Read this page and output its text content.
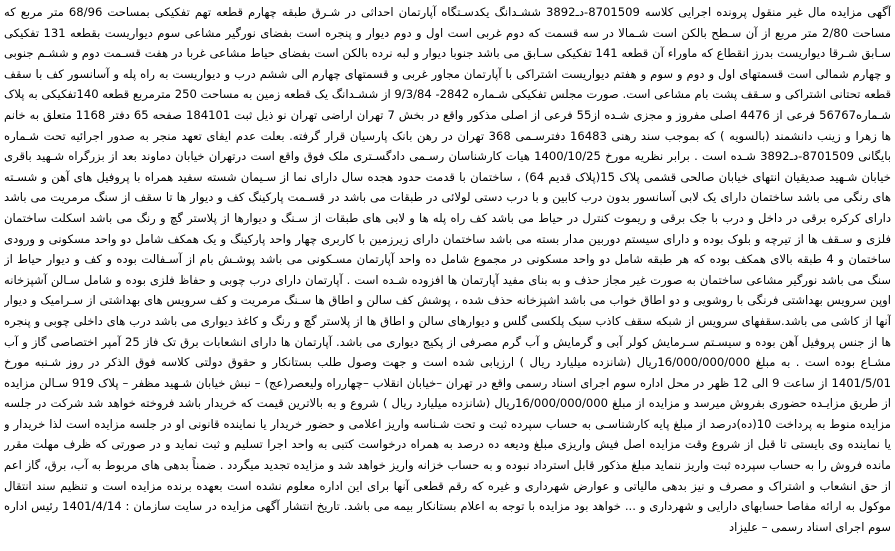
آگهی مزایده مال غیر منقول پرونده اجرایی کلاسه 8701509-دـ3892 ششـدانگ یکدسـتگاه آپارتمان احداثی در شـرق طبقه چهارم قطعه تهم تفکیکی بمساحت 68/96 متر مربع که مساحت 2/80 متر مربع از آن سـطح بالکن است شـمالا در سه قسمت که دوم غربی است اول و دوم دیوار و پنجره است بفضای نورگیر مشاعی سوم دیواریست بقطعه 131 تفکیکی سـابق شـرقا دیواریست بدرز انقطاع که ماوراء آن قطعه 141 تفکیکی سـابق می باشد جنوبا دیوار و لبه نرده بالکن است بفضای حیاط مشاعی غربا در هفت قسـمت دوم و ششـم جنوبی و چهارم شمالی است قسمتهای اول و دوم و سوم و هفتم دیواریست اشتراکی با آپارتمان مجاور غربی و قسمتهای چهارم الی ششم درب و دیواریست به راه پله و آسانسور کف با سقف قطعه تحتانی اشتراکی و سـقف پشت بام مشاعی است. صورت مجلس تفکیکی شـماره 2842- 9/3/84 از ششـدانگ یک قطعه زمین به مساحت 250 مترمربع قطعه 140تفکیکی به پلاک شـماره56767 فرعی از 4476 اصلی مفروز و مجزی شـده از55 فرعی از اصلی مذکور واقع در بخش 7 تهران اراضی تهران نو ذیل ثبت 184101 صفحه 65 دفتر 1168 متعلق به خانم ها زهرا و زینب دانشمند (بالسویه ) که بموجب سند رهنی 16483 دفترسـمی 368 تهران در رهن بانک پارسیان قرار گرفته. بعلت عدم ایفای تعهد منجر به صدور اجرائیه تحت شـماره بایگانی 8701509-دـ3892 شـده است . برابر نظریه مورخ 1400/10/25 هیات کارشناسان رسـمی دادگسـتری ملک فوق واقع است درتهران خیابان دماوند بعد از بزرگراه شـهید باقری خیابان شـهید صدیقیان انتهای خیابان صالحی قشمی پلاک 15(پلاک قدیم 64) ، ساختمان با قدمت حدود هجده سال دارای نما از سـیمان شسته سفید همراه با پروفیل های آهن و شسـته های رنگی می باشد ساختمان دارای یک لابی آسانسور بدون درب کابین و با درب دستی لولائی در طبقات می باشد در قسـمت پارکینگ کف و دیوار ها تا سقف از سنگ مرمریت می باشد دارای کرکره برقی در داخل و درب با جک برقی و ریموت کنترل در حیاط می باشد کف راه پله ها و لابی های طبقات از سـنگ و دیوارها از پلاستر گچ و رنگ می باشد اسکلت ساختمان فلزی و سـقف ها از تیرچه و بلوک بوده و دارای سیستم دوربین مدار بسته می باشد ساختمان دارای زیرزمین با کاربری چهار واحد پارکینگ و یک همکف شامل دو واحد مسکونی و ورودی ساختمان و 4 طبقه بالای همکف بوده که هر طبقه شامل دو واحد مسکونی در مجموع شامل ده واحد آپارتمان مسـکونی می باشد پوشـش بام از آسـفالت بوده و کف و دیوار حیاط از سنگ می باشد نورگیر مشاعی ساختمان به صورت غیر مجاز حذف و به بنای مفید آپارتمان ها افزوده شـده است . آپارتمان دارای درب چوبی و حفاظ فلزی بوده و شامل سـالن آشپزخانه اوپن سرویس بهداشتی فرنگی با روشویی و دو اطاق خواب می باشد اشپزخانه حذف شده ، پوشش کف سالن و اطاق ها سـنگ مرمریت و کف سرویس های بهداشتی از سـرامیک و دیوار آنها از کاشی می باشد.سقفهای سرویس از شبکه سقف کاذب سبک پلکسی گلس و دیوارهای سالن و اطاق ها از پلاستر گچ و رنگ و کاغذ دیواری می باشد درب های داخلی چوبی و پنجره ها از جنس پروفیل آهن بوده و سیسـتم سـرمایش کولر آبی و گرمایش و آب گرم مصرفی از پکیج دیواری می باشد. آپارتمان ها دارای انشعابات برق تک فاز 25 آمپر اختصاصی گاز و آب مشـاع بوده است . به مبلغ 16/000/000/000ریال (شانزده میلیارد ریال ) ارزیابی شده است و جهت وصول طلب بستانکار و حقوق دولتی کلاسه فوق الذکر در روز شـنبه مورخ 1401/5/01 از ساعت 9 الی 12 ظهر در محل اداره سوم اجرای اسناد رسمی واقع در تهران –خیابان انقلاب –چهارراه ولیعصر(عج) – نبش خیابان شـهید مظفر – پلاک 919 سـالن مزایده از طریق مزایـده حضوری بفروش میرسد و مزایده از مبلغ 16/000/000/000ریال (شانزده میلیارد ریال ) شروع و به بالاترین قیمت که خریدار باشد فروخته خواهد شد شرکت در جلسه مزایده منوط به پرداخت 10(ده)درصد از مبلغ پایه کارشناسـی به حساب سپرده ثبت و تحت شـناسه واریز اعلامی و حضور خریدار یا نماینده قانونی او در جلسه مزایده است لذا خریدار و یا نماینده وی بایستی تا قبل از شروع وقت مزایده اصل فیش واریزی مبلغ ودیعه ده درصد به همراه درخواست کتبی به واحد اجرا تسلیم و ثبت نماید و در صورتی که ظرف مهلت مقرر مانده فروش را به حساب سپرده ثبت واریز ننماید مبلغ مذکور قابل استرداد نبوده و به حساب خزانه واریز خواهد شد و مزایده تجدید میگردد . ضمناً بدهی های مربوط به آب، برق، گاز اعم از حق انشعاب و اشتراک و مصرف و نیز بدهی مالیاتی و عوارض شهرداری و غیره که رقم قطعی آنها برای این اداره معلوم نشده است بعهده برنده مزایده است و تنظیم سند انتقال موکول به ارائه مفاصا حسابهای دارایی و شهرداری و ... خواهد بود مزایده با توجه به اعلام بستانکار بیمه می باشد. تاریخ انتشار آگهی مزایده در سایت سازمان : 1401/4/14 رئیس اداره سوم اجرای اسناد رسمی – علیزاد
